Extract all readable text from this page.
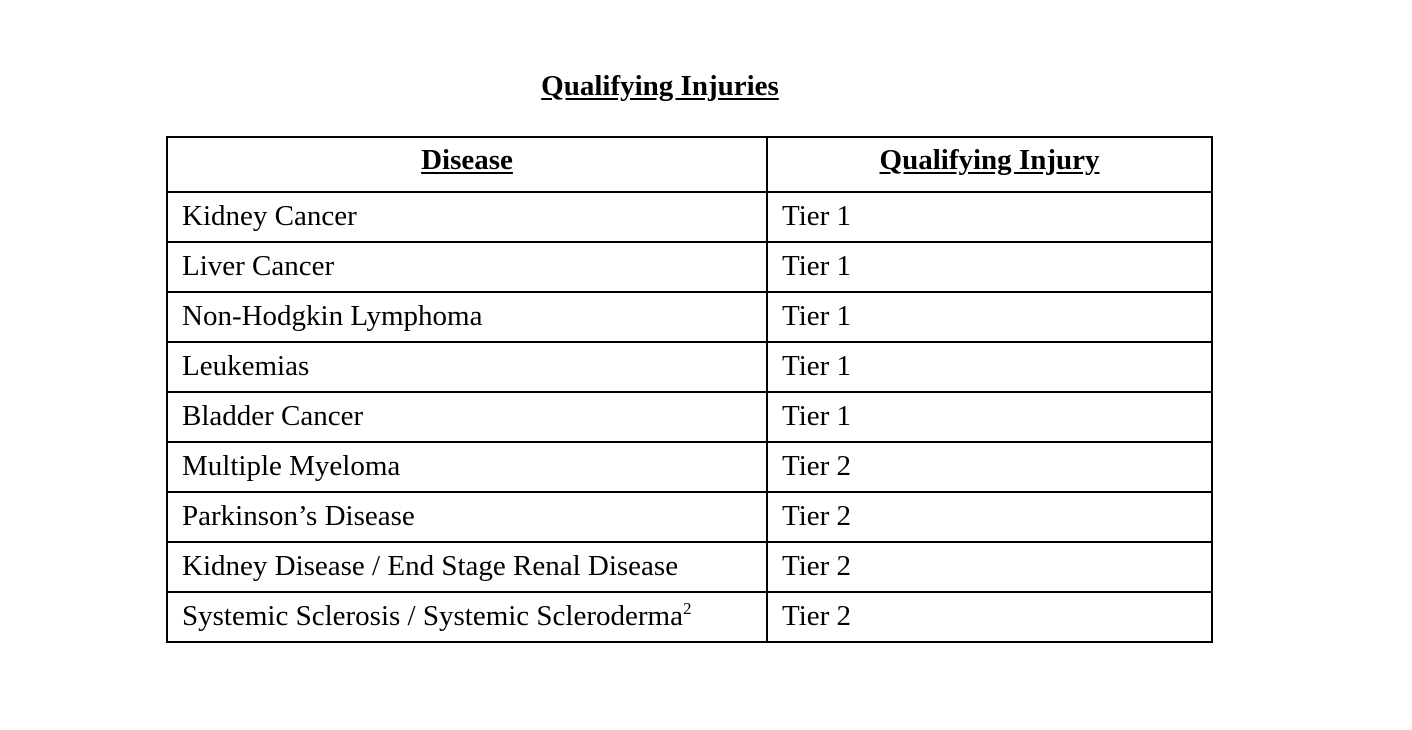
Qualifying Injuries
Disease	Qualifying Injury
Kidney Cancer	Tier 1
Liver Cancer	Tier 1
Non-Hodgkin Lymphoma	Tier 1
Leukemias	Tier 1
Bladder Cancer	Tier 1
Multiple Myeloma	Tier 2
Parkinson’s Disease	Tier 2
Kidney Disease / End Stage Renal Disease	Tier 2
Systemic Sclerosis / Systemic Scleroderma$^2$	Tier 2
